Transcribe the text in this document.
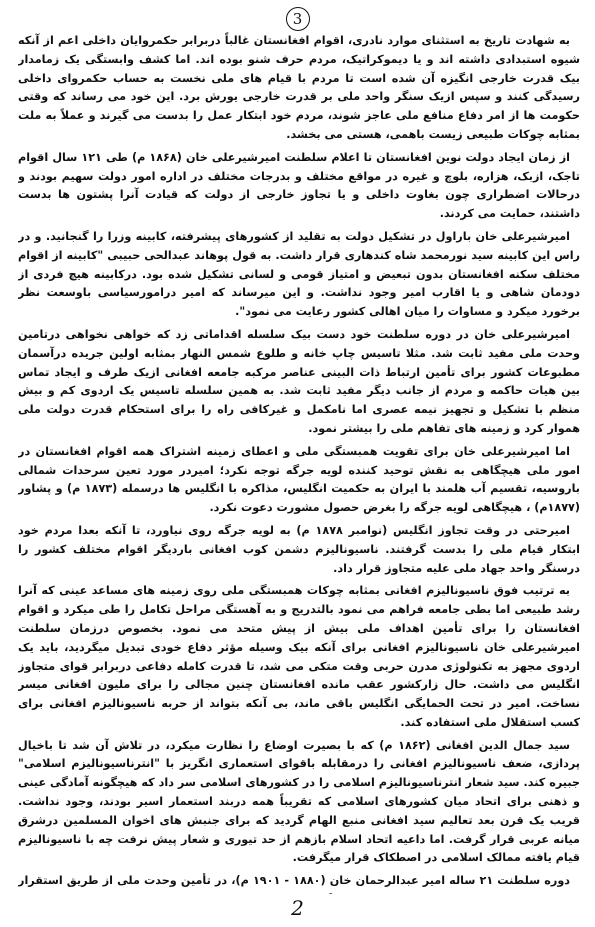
3

به شهادت تاریخ به استثنای موارد نادری، اقوام افغانستان غالباً دربرابر حکمروایان داخلی اعم از آنکه شیوه استبدادی داشته اند و یا دیموکراتیک، مردم حرف شنو بوده اند. اما کشف وابستگی یک زمامدار بیک قدرت خارجی انگیزه آن شده است تا مردم با قیام های ملی نخست به حساب حکمروای داخلی رسیدگی کنند و سپس ازیک سنگر واحد ملی بر قدرت خارجی یورش برد. این خود می رساند که وقتی حکومت ها از امر دفاع منافع ملی عاجز شوند، مردم خود ابتکار عمل را بدست می گیرند و عملاً به ملت بمثابه چوکات طبیعی زیست باهمی، هستی می بخشد.

از زمان ایجاد دولت نوین افغانستان تا اعلام سلطنت امیرشیرعلی خان (۱۸۶۸ م) طی ۱۲۱ سال اقوام تاجک، ازبک، هزاره، بلوچ و غیره در مواقع مختلف و بدرجات مختلف در اداره امور دولت سهیم بودند و درحالات اضطراری چون بغاوت داخلی و یا تجاوز خارجی از دولت که قیادت آنرا پشتون ها بدست داشتند، حمایت می کردند.

امیرشیرعلی خان باراول در تشکیل دولت به تقلید از کشورهای پیشرفته، کابینه وزرا را گنجانید. و در راس این کابینه سید نورمحمد شاه کندهاری قرار داشت. به قول پوهاند عبدالحی حبیبی "کابینه از اقوام مختلف سکنه افغانستان بدون تبعیض و امتیاز قومی و لسانی تشکیل شده بود. درکابینه هیچ فردی از دودمان شاهی و یا اقارب امیر وجود نداشت. و این میرساند که امیر درامورسیاسی باوسعت نظر برخورد میکرد و مساوات را میان اهالی کشور رعایت می نمود".

امیرشیرعلی خان در دوره سلطنت خود دست بیک سلسله اقداماتی زد که خواهی نخواهی درتامین وحدت ملی مفید ثابت شد. مثلا تاسیس چاپ خانه و طلوع شمس النهار بمثابه اولین جریده درآسمان مطبوعات کشور برای تأمین ارتباط ذات البینی عناصر مرکبه جامعه افغانی ازیک طرف و ایجاد تماس بین هیات حاکمه و مردم از جانب دیگر مفید ثابت شد. به همین سلسله تاسیس یک اردوی کم و بیش منظم با تشکیل و تجهیز نیمه عصری اما نامکمل و غیرکافی راه را برای استحکام قدرت دولت ملی هموار کرد و زمینه های تفاهم ملی را بیشتر نمود.

اما امیرشیرعلی خان برای تقویت همبستگی ملی و اعطای زمینه اشتراک همه اقوام افغانستان در امور ملی هیچگاهی به نقش توحید کننده لویه جرگه توجه نکرد؛ امیردر مورد تعین سرحدات شمالی باروسیه، تقسیم آب هلمند با ایران به حکمیت انگلیس، مذاکره با انگلیس ها درسمله (۱۸۷۳ م) و پشاور (۱۸۷۷م) ، هیچگاهی لویه جرگه را بغرض حصول مشورت دعوت نکرد.

امیرحتی در وقت تجاوز انگلیس (نوامبر ۱۸۷۸ م) به لویه جرگه روی نیاورد، تا آنکه بعدا مردم خود ابتکار قیام ملی را بدست گرفتند. ناسیونالیزم دشمن کوب افغانی باردیگر اقوام مختلف کشور را درسنگر واحد جهاد ملی علیه متجاوز قرار داد.

به ترتیب فوق ناسیونالیزم افغانی بمثابه چوکات همبستگی ملی روی زمینه های مساعد عینی که آنرا رشد طبیعی اما بطی جامعه فراهم می نمود بالتدریج و به آهستگی مراحل تکامل را طی میکرد و اقوام افغانستان را برای تأمین اهداف ملی بیش از پیش متحد می نمود. بخصوص درزمان سلطنت امیرشیرعلی خان ناسیونالیزم افغانی برای آنکه بیک وسیله مؤثر دفاع خودی تبدیل میگردید، باید یک اردوی مجهز به تکنولوژی مدرن حربی وقت متکی می شد، تا قدرت کامله دفاعی دربرابر قوای متجاوز انگلیس می داشت. حال زارکشور عقب مانده افغانستان چنین مجالی را برای ملیون افغانی میسر نساخت. امیر در تحت الحمایگی انگلیس باقی ماند، بی آنکه بتواند از حربه ناسیونالیزم افغانی برای کسب استقلال ملی استفاده کند.

سید جمال الدین افغانی (۱۸۶۲ م) که با بصیرت اوضاع را نظارت میکرد، در تلاش آن شد تا باخیال پردازی، ضعف ناسیونالیزم افغانی را درمقابله باقوای استعماری انگریز با "انترناسیونالیزم اسلامی" جبیره کند. سید شعار انترناسیونالیزم اسلامی را در کشورهای اسلامی سر داد که هیچگونه آمادگی عینی و ذهنی برای اتحاد میان کشورهای اسلامی که تقریباً همه دربند استعمار اسیر بودند، وجود نداشت. قریب یک قرن بعد تعالیم سید افغانی منبع الهام گردید که برای جنبش های اخوان المسلمین درشرق میانه عربی قرار گرفت. اما داعیه اتحاد اسلام بازهم از حد تیوری و شعار پیش نرفت چه با ناسیونالیزم قیام یافته ممالک اسلامی در اصطکاک قرار میگرفت.

دوره سلطنت ۲۱ ساله امیر عبدالرحمان خان (۱۸۸۰ - ۱۹۰۱ م)، در تأمین وحدت ملی از طریق استقرار

2
